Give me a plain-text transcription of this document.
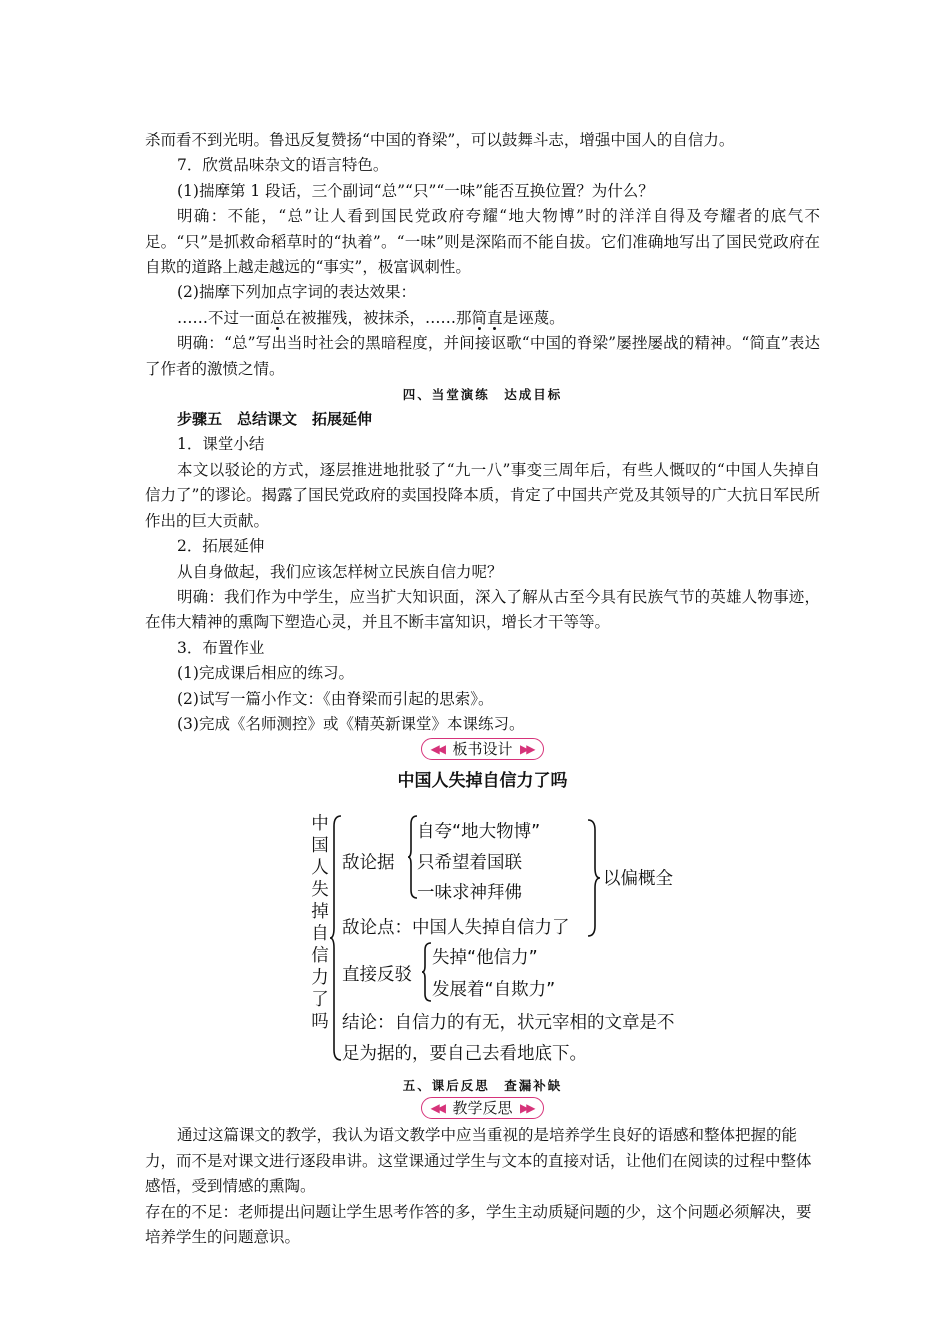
杀而看不到光明。鲁迅反复赞扬“中国的脊梁”，可以鼓舞斗志，增强中国人的自信力。

7．欣赏品味杂文的语言特色。

(1)揣摩第 1 段话，三个副词“总”“只”“一味”能否互换位置？为什么？

明确：不能，“总”让人看到国民党政府夸耀“地大物博”时的洋洋自得及夸耀者的底气不足。“只”是抓救命稻草时的“执着”。“一味”则是深陷而不能自拔。它们准确地写出了国民党政府在自欺的道路上越走越远的“事实”，极富讽刺性。

(2)揣摩下列加点字词的表达效果：

……不过一面总在被摧残，被抹杀，……那简直是诬蔑。

明确：“总”写出当时社会的黑暗程度，并间接讴歌“中国的脊梁”屡挫屡战的精神。“简直”表达了作者的激愤之情。

四、当堂演练　达成目标

步骤五　总结课文　拓展延伸

1．课堂小结

本文以驳论的方式，逐层推进地批驳了“九一八”事变三周年后，有些人慨叹的“中国人失掉自信力了”的谬论。揭露了国民党政府的卖国投降本质，肯定了中国共产党及其领导的广大抗日军民所作出的巨大贡献。

2．拓展延伸

从自身做起，我们应该怎样树立民族自信力呢？

明确：我们作为中学生，应当扩大知识面，深入了解从古至今具有民族气节的英雄人物事迹，在伟大精神的熏陶下塑造心灵，并且不断丰富知识，增长才干等等。

3．布置作业

(1)完成课后相应的练习。

(2)试写一篇小作文：《由脊梁而引起的思索》。

(3)完成《名师测控》或《精英新课堂》本课练习。

◀◀ 板书设计 ▶▶
中国人失掉自信力了吗
中国人失掉自信力了吗
敌论据
自夸“地大物博”
只希望着国联
一味求神拜佛
以偏概全
敌论点：中国人失掉自信力了
直接反驳
失掉“他信力”
发展着“自欺力”
结论：自信力的有无，状元宰相的文章是不
足为据的，要自己去看地底下。

五、课后反思　查漏补缺

◀◀ 教学反思 ▶▶

通过这篇课文的教学，我认为语文教学中应当重视的是培养学生良好的语感和整体把握的能力，而不是对课文进行逐段串讲。这堂课通过学生与文本的直接对话，让他们在阅读的过程中整体感悟，受到情感的熏陶。

存在的不足：老师提出问题让学生思考作答的多，学生主动质疑问题的少，这个问题必须解决，要培养学生的问题意识。
